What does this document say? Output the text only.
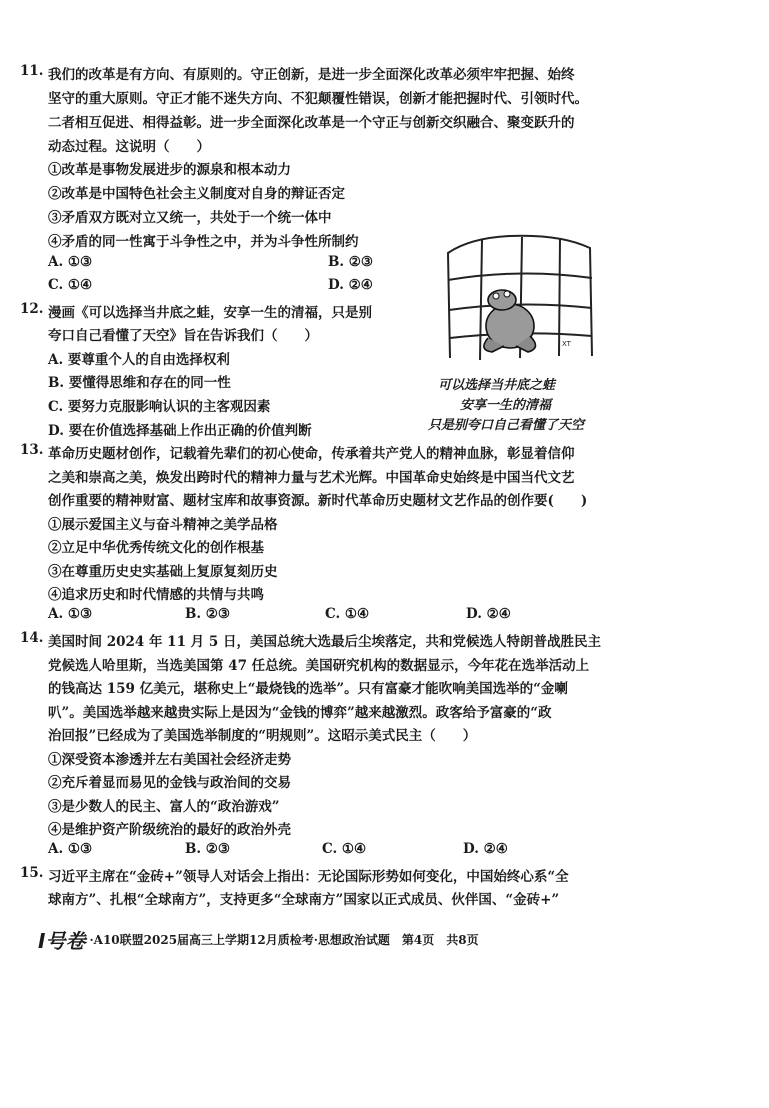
11. 我们的改革是有方向、有原则的。守正创新，是进一步全面深化改革必须牢牢把握、始终
坚守的重大原则。守正才能不迷失方向、不犯颠覆性错误，创新才能把握时代、引领时代。
二者相互促进、相得益彰。进一步全面深化改革是一个守正与创新交织融合、聚变跃升的
动态过程。这说明（　　）
①改革是事物发展进步的源泉和根本动力
②改革是中国特色社会主义制度对自身的辩证否定
③矛盾双方既对立又统一，共处于一个统一体中
④矛盾的同一性寓于斗争性之中，并为斗争性所制约
A. ①③	B. ②③
C. ①④	D. ②④
XT
可以选择当井底之蛙
安享一生的清福
只是别夸口自己看懂了天空
12. 漫画《可以选择当井底之蛙，安享一生的清福，只是别
夸口自己看懂了天空》旨在告诉我们（　　）
A. 要尊重个人的自由选择权利
B. 要懂得思维和存在的同一性
C. 要努力克服影响认识的主客观因素
D. 要在价值选择基础上作出正确的价值判断
13. 革命历史题材创作，记载着先辈们的初心使命，传承着共产党人的精神血脉，彰显着信仰
之美和崇高之美，焕发出跨时代的精神力量与艺术光辉。中国革命史始终是中国当代文艺
创作重要的精神财富、题材宝库和故事资源。新时代革命历史题材文艺作品的创作要(　　)
①展示爱国主义与奋斗精神之美学品格
②立足中华优秀传统文化的创作根基
③在尊重历史史实基础上复原复刻历史
④追求历史和时代情感的共情与共鸣
A. ①③	B. ②③	C. ①④	D. ②④
14. 美国时间 2024 年 11 月 5 日，美国总统大选最后尘埃落定，共和党候选人特朗普战胜民主
党候选人哈里斯，当选美国第 47 任总统。美国研究机构的数据显示，今年花在选举活动上
的钱高达 159 亿美元，堪称史上“最烧钱的选举”。只有富豪才能吹响美国选举的“金喇
叭”。美国选举越来越贵实际上是因为“金钱的博弈”越来越激烈。政客给予富豪的“政
治回报”已经成为了美国选举制度的“明规则”。这昭示美式民主（　　）
①深受资本渗透并左右美国社会经济走势
②充斥着显而易见的金钱与政治间的交易
③是少数人的民主、富人的“政治游戏”
④是维护资产阶级统治的最好的政治外壳
A. ①③	B. ②③	C. ①④	D. ②④
15. 习近平主席在“金砖+”领导人对话会上指出：无论国际形势如何变化，中国始终心系“全
球南方”、扎根“全球南方”，支持更多“全球南方”国家以正式成员、伙伴国、“金砖+”
I号卷 ·A10联盟2025届高三上学期12月质检考·思想政治试题　第4页　共8页
